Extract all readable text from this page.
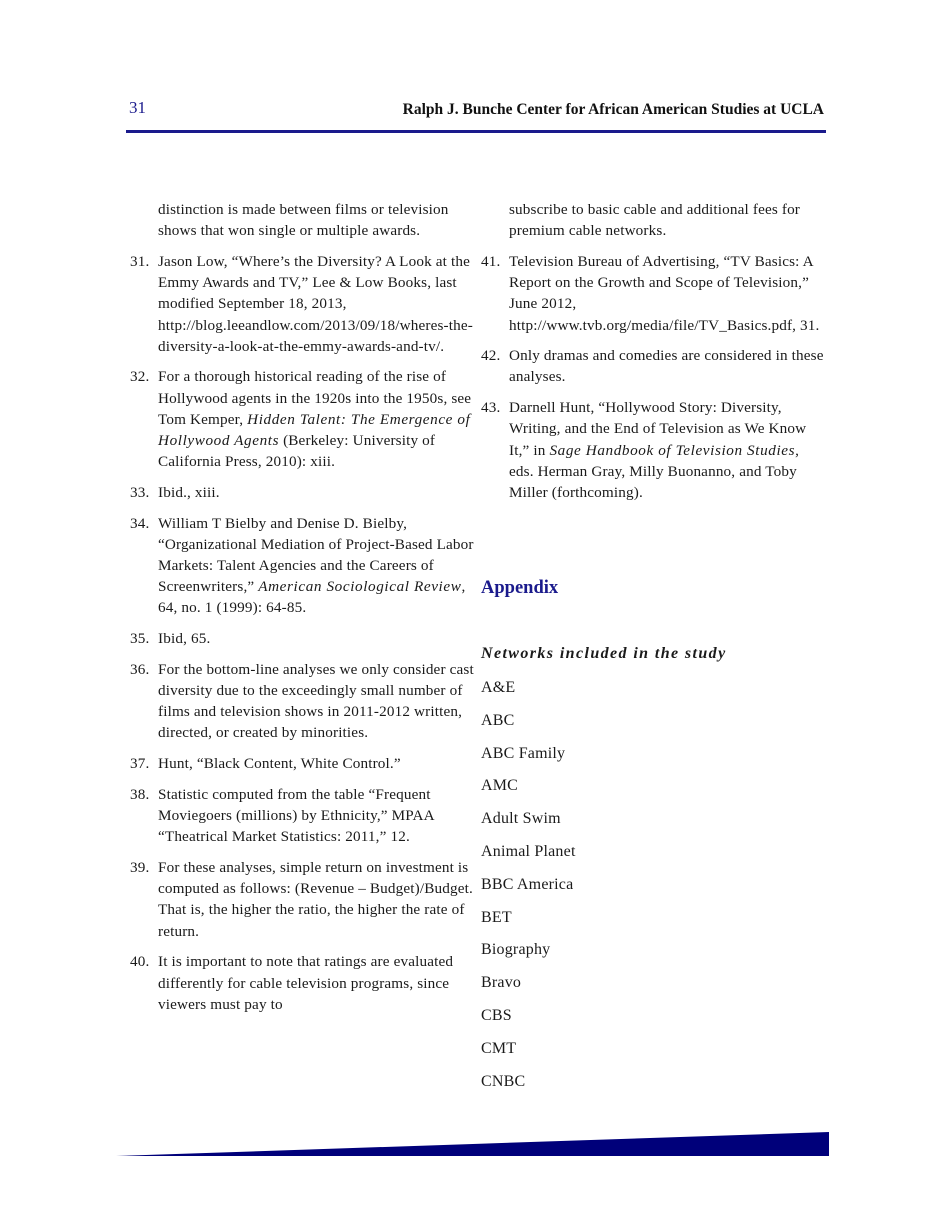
31	Ralph J. Bunche Center for African American Studies at UCLA
distinction is made between films or television shows that won single or multiple awards.
31. Jason Low, “Where’s the Diversity? A Look at the Emmy Awards and TV,” Lee & Low Books, last modified September 18, 2013, http://blog.leeandlow.com/2013/09/18/wheres-the-diversity-a-look-at-the-emmy-awards-and-tv/.
32. For a thorough historical reading of the rise of Hollywood agents in the 1920s into the 1950s, see Tom Kemper, Hidden Talent: The Emergence of Hollywood Agents (Berkeley: University of California Press, 2010): xiii.
33. Ibid., xiii.
34. William T Bielby and Denise D. Bielby, “Organizational Mediation of Project-Based Labor Markets: Talent Agencies and the Careers of Screenwriters,” American Sociological Review, 64, no. 1 (1999): 64-85.
35. Ibid, 65.
36. For the bottom-line analyses we only consider cast diversity due to the exceedingly small number of films and television shows in 2011-2012 written, directed, or created by minorities.
37. Hunt, “Black Content, White Control.”
38. Statistic computed from the table “Frequent Moviegoers (millions) by Ethnicity,” MPAA “Theatrical Market Statistics: 2011,” 12.
39. For these analyses, simple return on investment is computed as follows: (Revenue – Budget)/Budget. That is, the higher the ratio, the higher the rate of return.
40. It is important to note that ratings are evaluated differently for cable television programs, since viewers must pay to
subscribe to basic cable and additional fees for premium cable networks.
41. Television Bureau of Advertising, “TV Basics: A Report on the Growth and Scope of Television,” June 2012, http://www.tvb.org/media/file/TV_Basics.pdf, 31.
42. Only dramas and comedies are considered in these analyses.
43. Darnell Hunt, “Hollywood Story: Diversity, Writing, and the End of Television as We Know It,” in Sage Handbook of Television Studies, eds. Herman Gray, Milly Buonanno, and Toby Miller (forthcoming).
Appendix
Networks included in the study
A&E
ABC
ABC Family
AMC
Adult Swim
Animal Planet
BBC America
BET
Biography
Bravo
CBS
CMT
CNBC
